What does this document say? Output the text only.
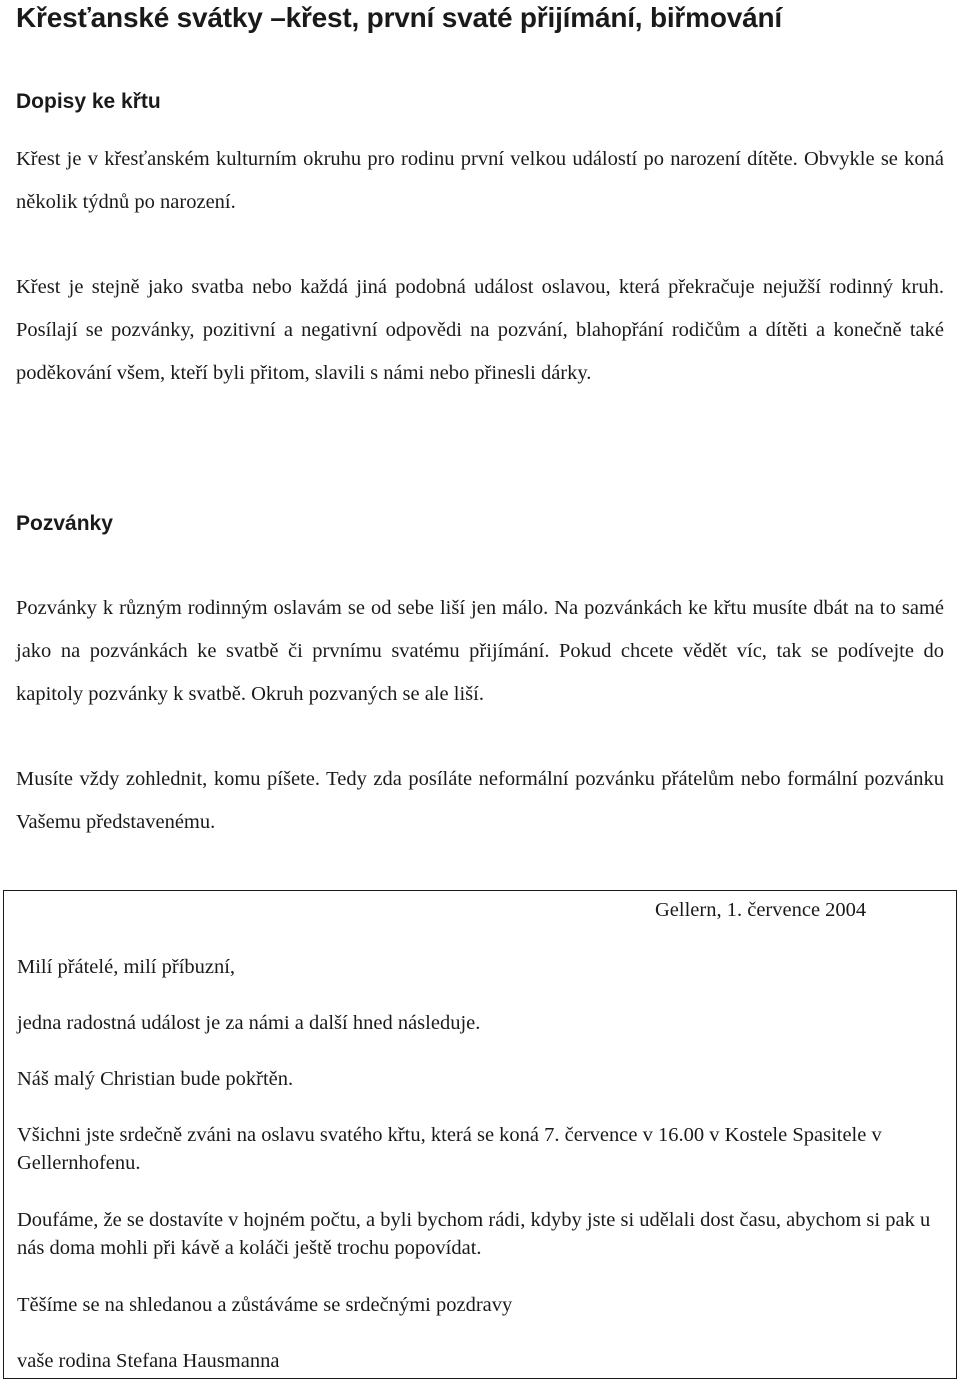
Křesťanské svátky –křest, první svaté přijímání, biřmování
Dopisy ke křtu

Křest je v křesťanském kulturním okruhu pro rodinu první velkou událostí po narození dítěte. Obvykle se koná několik týdnů po narození.

Křest je stejně jako svatba nebo každá jiná podobná událost oslavou, která překračuje nejužší rodinný kruh. Posílají se pozvánky, pozitivní a negativní odpovědi na pozvání, blahopřání rodičům a dítěti a konečně také poděkování všem, kteří byli přitom, slavili s námi nebo přinesli dárky.

Pozvánky

Pozvánky k různým rodinným oslavám se od sebe liší jen málo. Na pozvánkách ke křtu musíte dbát na to samé jako na pozvánkách ke svatbě či prvnímu svatému přijímání. Pokud chcete vědět víc, tak se podívejte do kapitoly pozvánky k svatbě. Okruh pozvaných se ale liší.

Musíte vždy zohlednit, komu píšete. Tedy zda posíláte neformální pozvánku přátelům nebo formální pozvánku Vašemu představenému.

Gellern, 1. července 2004

Milí přátelé, milí příbuzní,

jedna radostná událost je za námi a další hned následuje.

Náš malý Christian bude pokřtěn.

Všichni jste srdečně zváni na oslavu svatého křtu, která se koná 7. července v 16.00 v Kostele Spasitele v Gellernhofenu.

Doufáme, že se dostavíte v hojném počtu, a byli bychom rádi, kdyby jste si udělali dost času, abychom si pak u nás doma mohli při kávě a koláči ještě trochu popovídat.

Těšíme se na shledanou a zůstáváme se srdečnými pozdravy

vaše rodina Stefana Hausmanna
